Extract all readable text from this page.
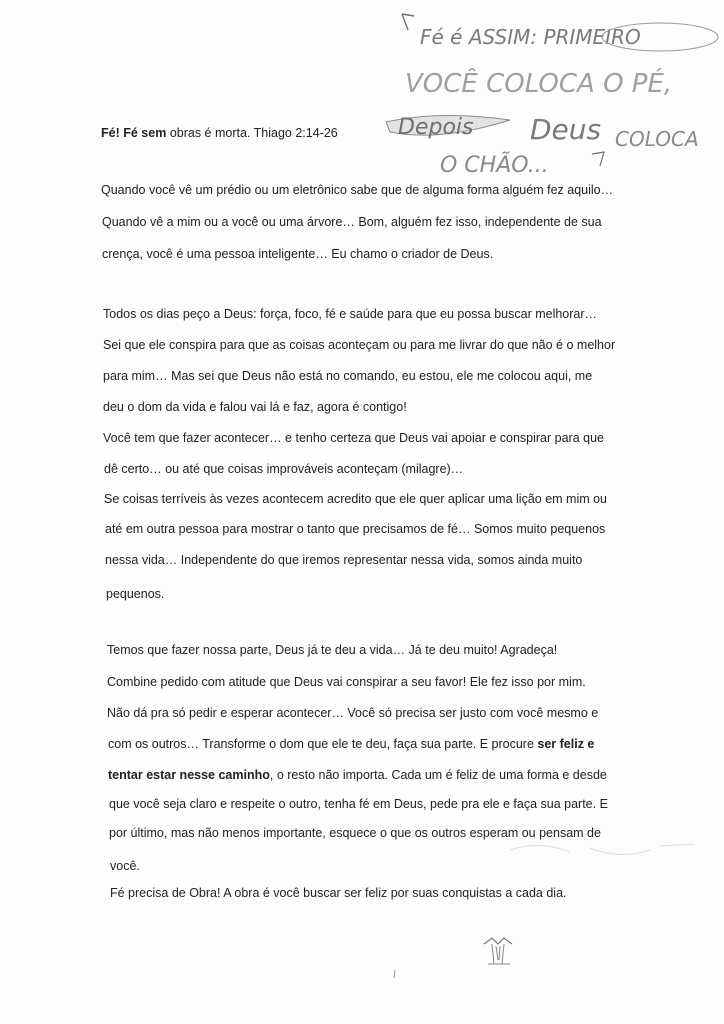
Fé é ASSIM: PRIMEIRO
VOCÊ COLOCA O PÉ,
Depois Deus COLOCA
O CHÃO...
Fé! Fé sem obras é morta. Thiago 2:14-26
Quando você vê um prédio ou um eletrônico sabe que de alguma forma alguém fez aquilo…
Quando vê a mim ou a você ou uma árvore… Bom, alguém fez isso, independente de sua
crença, você é uma pessoa inteligente… Eu chamo o criador de Deus.
Todos os dias peço a Deus: força, foco, fé e saúde para que eu possa buscar melhorar…
Sei que ele conspira para que as coisas aconteçam ou para me livrar do que não é o melhor
para mim… Mas sei que Deus não está no comando, eu estou, ele me colocou aqui, me
deu o dom da vida e falou vai lá e faz, agora é contigo!
Você tem que fazer acontecer… e tenho certeza que Deus vai apoiar e conspirar para que
dê certo… ou até que coisas improváveis aconteçam (milagre)…
Se coisas terríveis às vezes acontecem acredito que ele quer aplicar uma lição em mim ou
até em outra pessoa para mostrar o tanto que precisamos de fé… Somos muito pequenos
nessa vida… Independente do que iremos representar nessa vida, somos ainda muito
pequenos.
Temos que fazer nossa parte, Deus já te deu a vida… Já te deu muito! Agradeça!
Combine pedido com atitude que Deus vai conspirar a seu favor! Ele fez isso por mim.
Não dá pra só pedir e esperar acontecer… Você só precisa ser justo com você mesmo e
com os outros… Transforme o dom que ele te deu, faça sua parte. E procure ser feliz e
tentar estar nesse caminho, o resto não importa. Cada um é feliz de uma forma e desde
que você seja claro e respeite o outro, tenha fé em Deus, pede pra ele e faça sua parte. E
por último, mas não menos importante, esquece o que os outros esperam ou pensam de
você.
Fé precisa de Obra! A obra é você buscar ser feliz por suas conquistas a cada dia.
